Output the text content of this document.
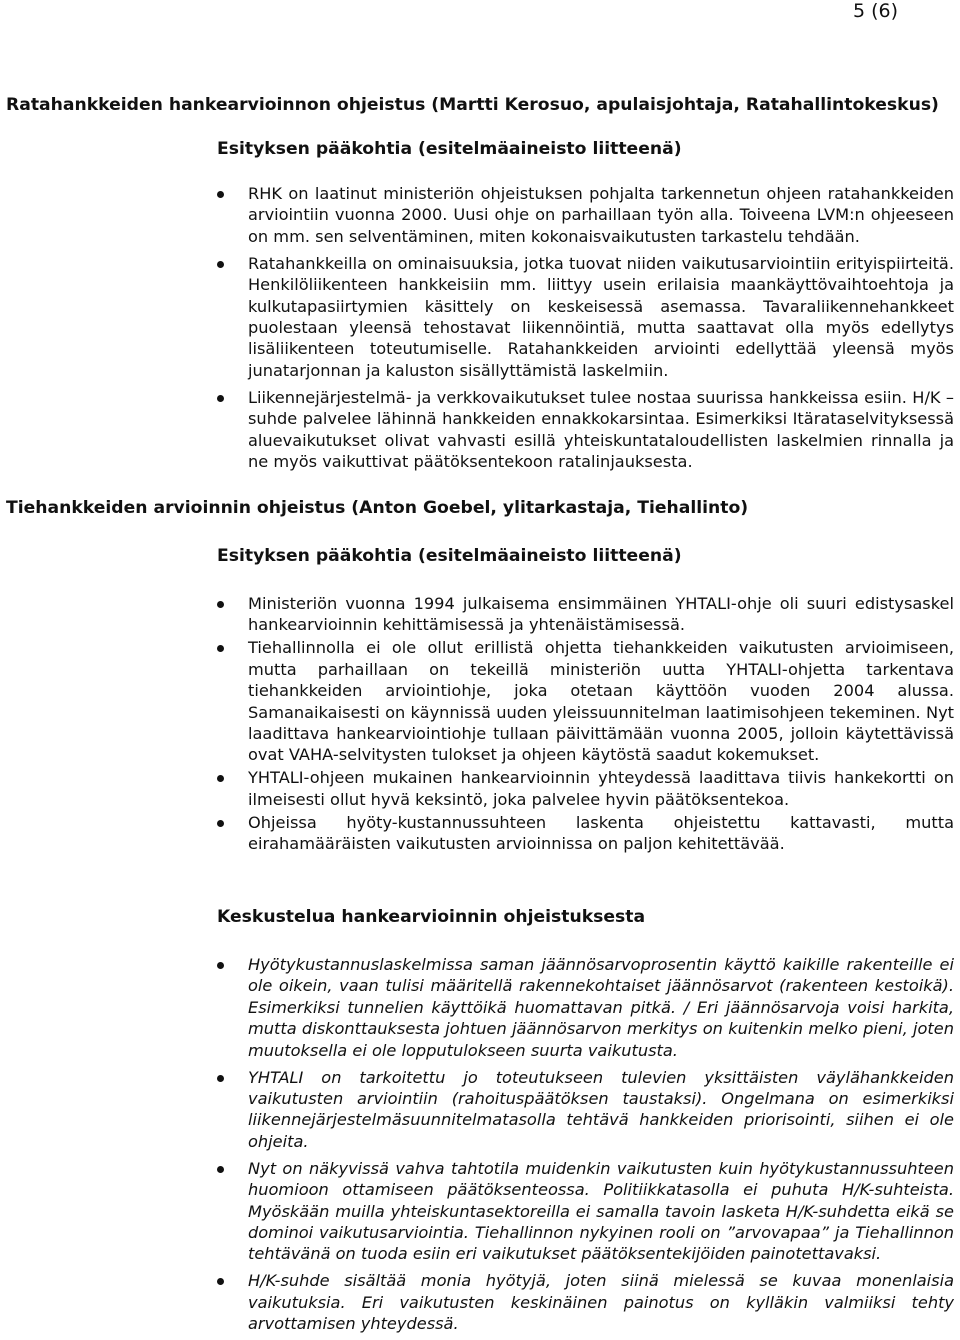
5 (6)
Ratahankkeiden hankearvioinnon ohjeistus (Martti Kerosuo, apulaisjohtaja, Ratahallintokeskus)
Esityksen pääkohtia (esitelmäaineisto liitteenä)
RHK on laatinut ministeriön ohjeistuksen pohjalta tarkennetun ohjeen ratahankkeiden arviointiin vuonna 2000. Uusi ohje on parhaillaan työn alla. Toiveena LVM:n ohjeeseen on mm. sen selventäminen, miten kokonaisvaikutusten tarkastelu tehdään.
Ratahankkeilla on ominaisuuksia, jotka tuovat niiden vaikutusarviointiin erityispiirteitä. Henkilöliikenteen hankkeisiin mm. liittyy usein erilaisia maankäyttövaihtoehtoja ja kulkutapasiirtymien käsittely on keskeisessä asemassa. Tavaraliikennehankkeet puolestaan yleensä tehostavat liikennöintiä, mutta saattavat olla myös edellytys lisäliikenteen toteutumiselle. Ratahankkeiden arviointi edellyttää yleensä myös junatarjonnan ja kaluston sisällyttämistä laskelmiin.
Liikennejärjestelmä- ja verkkovaikutukset tulee nostaa suurissa hankkeissa esiin. H/K –suhde palvelee lähinnä hankkeiden ennakkokarsintaa. Esimerkiksi Itärataselvityksessä aluevaikutukset olivat vahvasti esillä yhteiskuntataloudellisten laskelmien rinnalla ja ne myös vaikuttivat päätöksentekoon ratalinjauksesta.
Tiehankkeiden arvioinnin ohjeistus (Anton Goebel, ylitarkastaja, Tiehallinto)
Esityksen pääkohtia (esitelmäaineisto liitteenä)
Ministeriön vuonna 1994 julkaisema ensimmäinen YHTALI-ohje oli suuri edistysaskel hankearvioinnin kehittämisessä ja yhtenäistämisessä.
Tiehallinnolla ei ole ollut erillistä ohjetta tiehankkeiden vaikutusten arvioimiseen, mutta parhaillaan on tekeillä ministeriön uutta YHTALI-ohjetta tarkentava tiehankkeiden arviointiohje, joka otetaan käyttöön vuoden 2004 alussa. Samanaikaisesti on käynnissä uuden yleissuunnitelman laatimisohjeen tekeminen. Nyt laadittava hankearviointiohje tullaan päivittämään vuonna 2005, jolloin käytettävissä ovat VAHA-selvitysten tulokset ja ohjeen käytöstä saadut kokemukset.
YHTALI-ohjeen mukainen hankearvioinnin yhteydessä laadittava tiivis hankekortti on ilmeisesti ollut hyvä keksintö, joka palvelee hyvin päätöksentekoa.
Ohjeissa hyöty-kustannussuhteen laskenta ohjeistettu kattavasti, mutta eirahamääräisten vaikutusten arvioinnissa on paljon kehitettävää.
Keskustelua hankearvioinnin ohjeistuksesta
Hyötykustannuslaskelmissa saman jäännösarvoprosentin käyttö kaikille rakenteille ei ole oikein, vaan tulisi määritellä rakennekohtaiset jäännösarvot (rakenteen kestoikä). Esimerkiksi tunnelien käyttöikä huomattavan pitkä. / Eri jäännösarvoja voisi harkita, mutta diskonttauksesta johtuen jäännösarvon merkitys on kuitenkin melko pieni, joten muutoksella ei ole lopputulokseen suurta vaikutusta.
YHTALI on tarkoitettu jo toteutukseen tulevien yksittäisten väylähankkeiden vaikutusten arviointiin (rahoituspäätöksen taustaksi). Ongelmana on esimerkiksi liikennejärjestelmäsuunnitelmatasolla tehtävä hankkeiden priorisointi, siihen ei ole ohjeita.
Nyt on näkyvissä vahva tahtotila muidenkin vaikutusten kuin hyötykustannussuhteen huomioon ottamiseen päätöksenteossa. Politiikkatasolla ei puhuta H/K-suhteista. Myöskään muilla yhteiskuntasektoreilla ei samalla tavoin lasketa H/K-suhdetta eikä se dominoi vaikutusarviointia. Tiehallinnon nykyinen rooli on ”arvovapaa” ja Tiehallinnon tehtävänä on tuoda esiin eri vaikutukset päätöksentekijöiden painotettavaksi.
H/K-suhde sisältää monia hyötyjä, joten siinä mielessä se kuvaa monenlaisia vaikutuksia. Eri vaikutusten keskinäinen painotus on kylläkin valmiiksi tehty arvottamisen yhteydessä.
